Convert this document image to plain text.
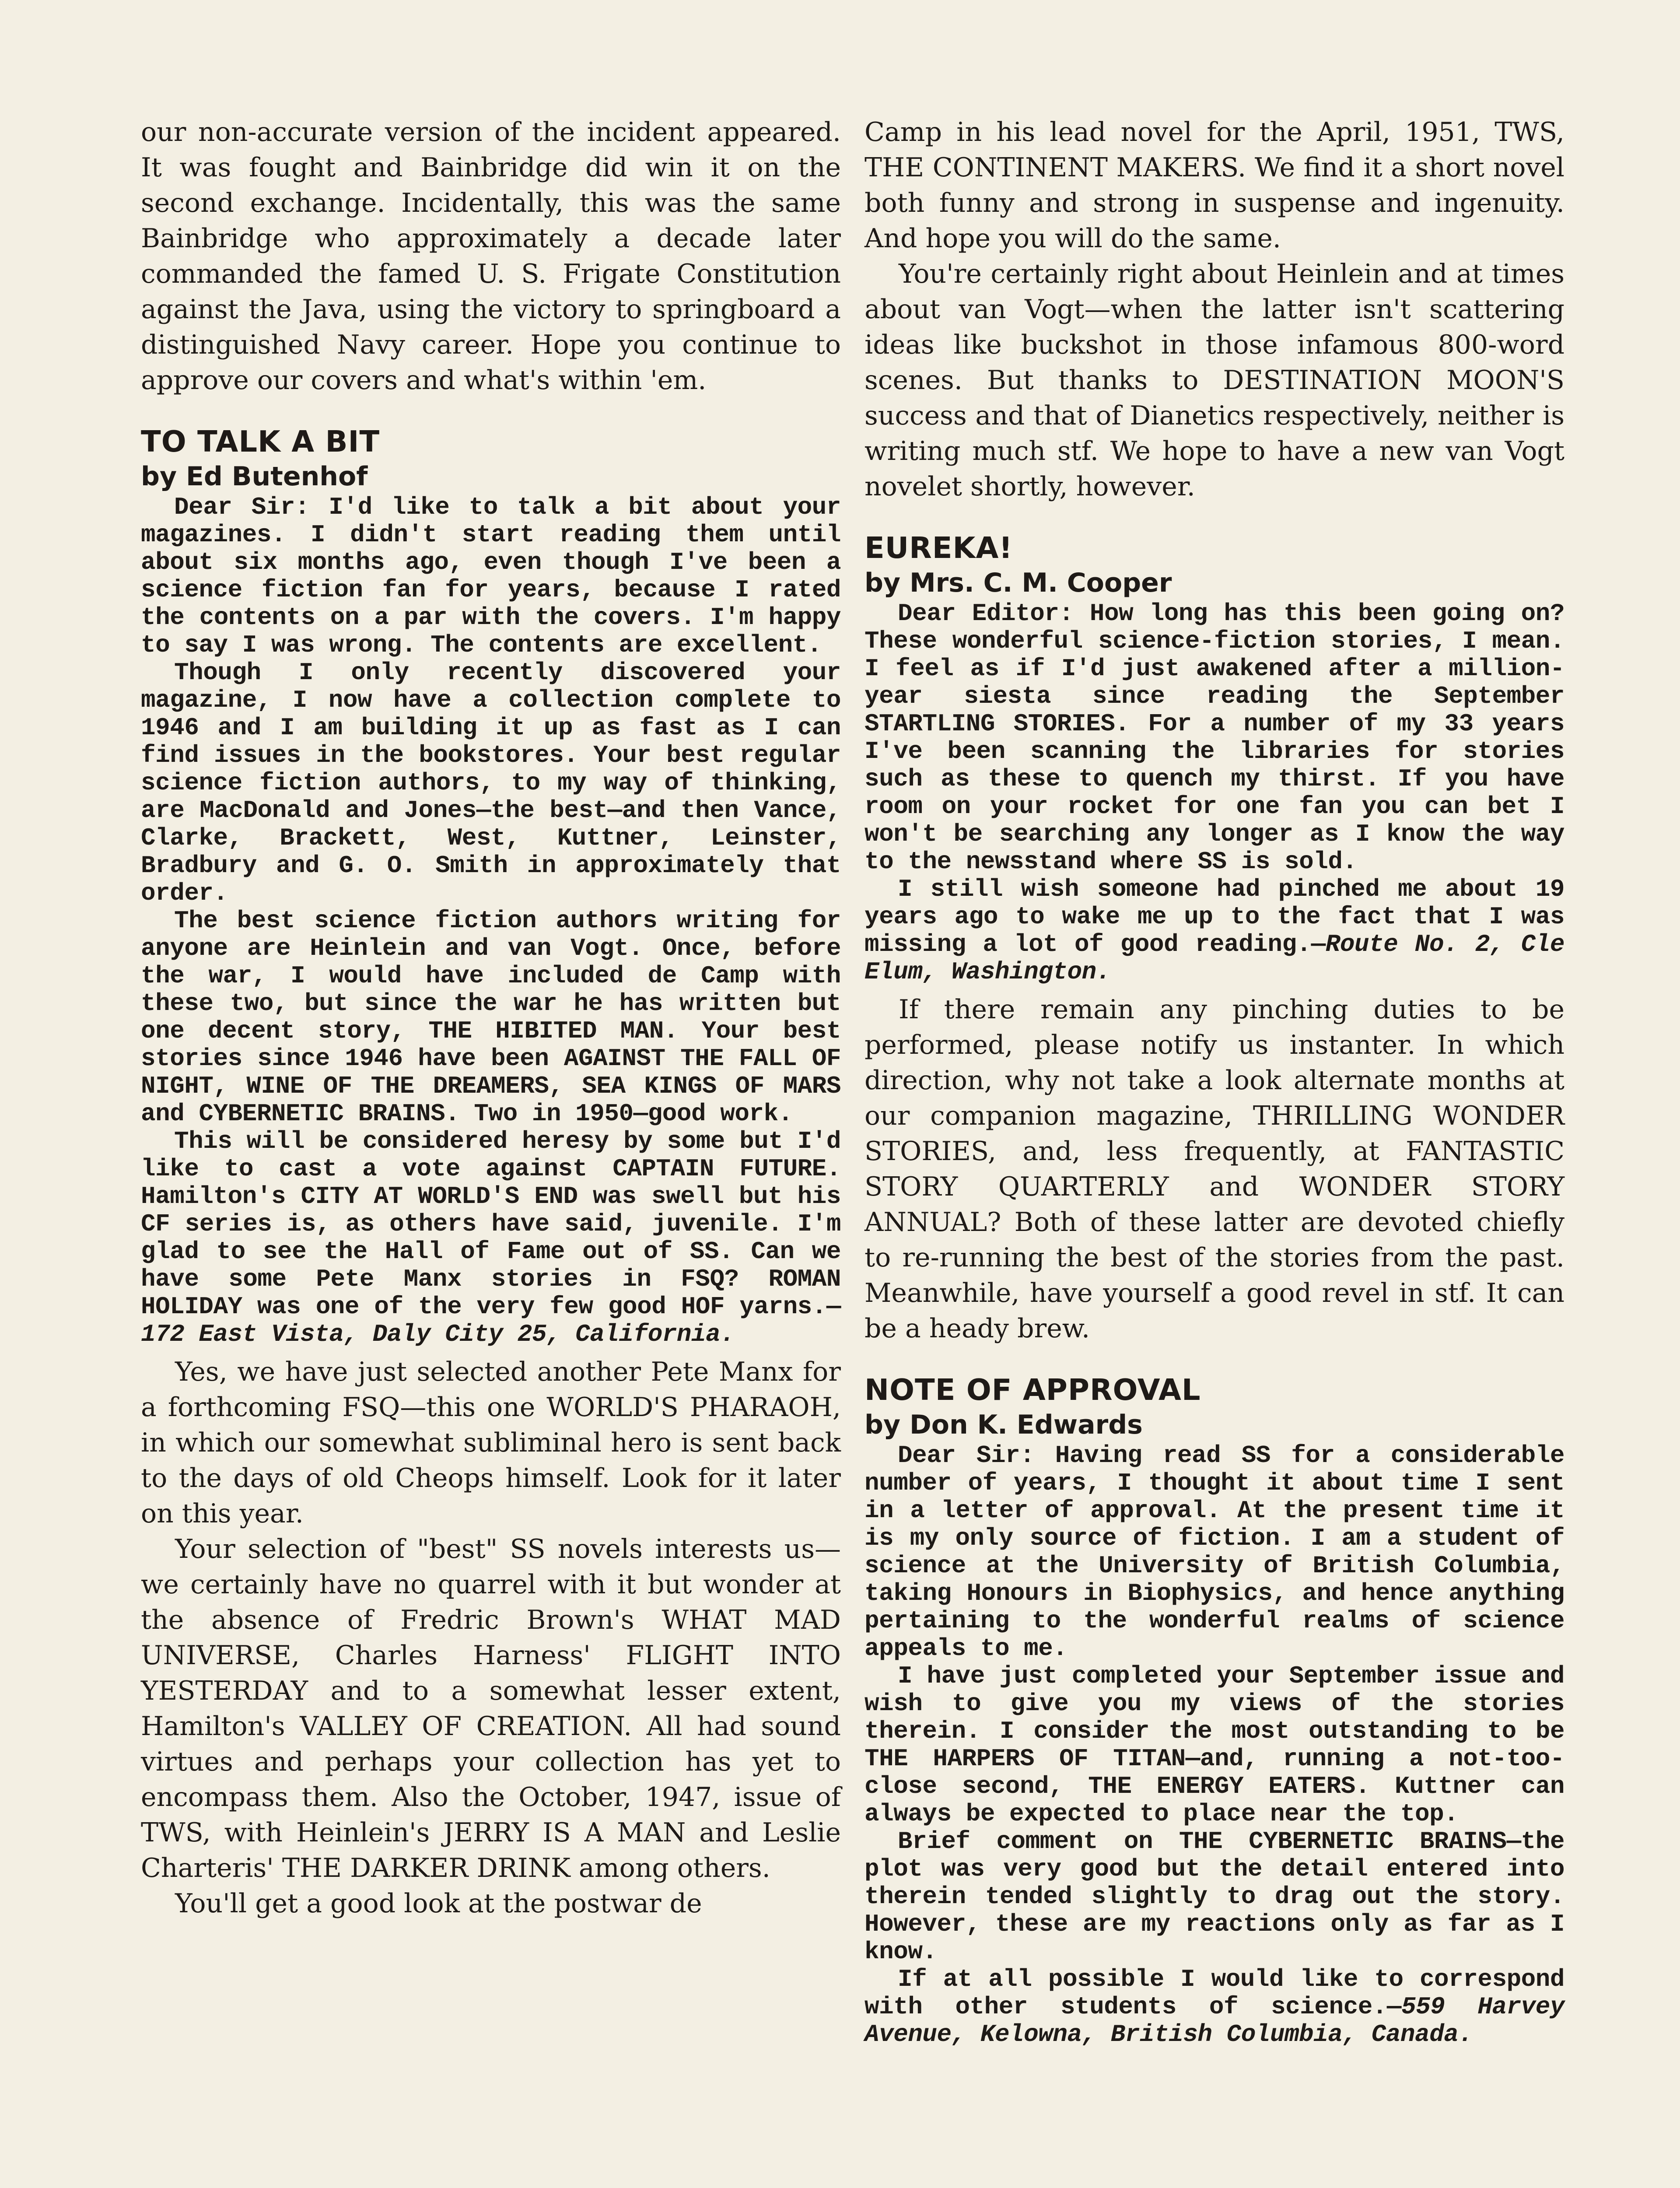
our non-accurate version of the incident appeared. It was fought and Bainbridge did win it on the second exchange. Incidentally, this was the same Bainbridge who approximately a decade later commanded the famed U. S. Frigate Constitution against the Java, using the victory to springboard a distinguished Navy career. Hope you continue to approve our covers and what's within 'em.

TO TALK A BIT
by Ed Butenhof

Dear Sir: I'd like to talk a bit about your magazines. I didn't start reading them until about six months ago, even though I've been a science fiction fan for years, because I rated the contents on a par with the covers. I'm happy to say I was wrong. The contents are excellent.

Though I only recently discovered your magazine, I now have a collection complete to 1946 and I am building it up as fast as I can find issues in the bookstores. Your best regular science fiction authors, to my way of thinking, are MacDonald and Jones—the best—and then Vance, Clarke, Brackett, West, Kuttner, Leinster, Bradbury and G. O. Smith in approximately that order.

The best science fiction authors writing for anyone are Heinlein and van Vogt. Once, before the war, I would have included de Camp with these two, but since the war he has written but one decent story, THE HIBITED MAN. Your best stories since 1946 have been AGAINST THE FALL OF NIGHT, WINE OF THE DREAMERS, SEA KINGS OF MARS and CYBERNETIC BRAINS. Two in 1950—good work.

This will be considered heresy by some but I'd like to cast a vote against CAPTAIN FUTURE. Hamilton's CITY AT WORLD'S END was swell but his CF series is, as others have said, juvenile. I'm glad to see the Hall of Fame out of SS. Can we have some Pete Manx stories in FSQ? ROMAN HOLIDAY was one of the very few good HOF yarns.—172 East Vista, Daly City 25, California.

Yes, we have just selected another Pete Manx for a forthcoming FSQ—this one WORLD'S PHARAOH, in which our somewhat subliminal hero is sent back to the days of old Cheops himself. Look for it later on this year.

Your selection of "best" SS novels interests us—we certainly have no quarrel with it but wonder at the absence of Fredric Brown's WHAT MAD UNIVERSE, Charles Harness' FLIGHT INTO YESTERDAY and to a somewhat lesser extent, Hamilton's VALLEY OF CREATION. All had sound virtues and perhaps your collection has yet to encompass them. Also the October, 1947, issue of TWS, with Heinlein's JERRY IS A MAN and Leslie Charteris' THE DARKER DRINK among others.

You'll get a good look at the postwar de

Camp in his lead novel for the April, 1951, TWS, THE CONTINENT MAKERS. We find it a short novel both funny and strong in suspense and ingenuity. And hope you will do the same.

You're certainly right about Heinlein and at times about van Vogt—when the latter isn't scattering ideas like buckshot in those infamous 800-word scenes. But thanks to DESTINATION MOON'S success and that of Dianetics respectively, neither is writing much stf. We hope to have a new van Vogt novelet shortly, however.

EUREKA!
by Mrs. C. M. Cooper

Dear Editor: How long has this been going on? These wonderful science-fiction stories, I mean. I feel as if I'd just awakened after a million-year siesta since reading the September STARTLING STORIES. For a number of my 33 years I've been scanning the libraries for stories such as these to quench my thirst. If you have room on your rocket for one fan you can bet I won't be searching any longer as I know the way to the newsstand where SS is sold.

I still wish someone had pinched me about 19 years ago to wake me up to the fact that I was missing a lot of good reading.—Route No. 2, Cle Elum, Washington.

If there remain any pinching duties to be performed, please notify us instanter. In which direction, why not take a look alternate months at our companion magazine, THRILLING WONDER STORIES, and, less frequently, at FANTASTIC STORY QUARTERLY and WONDER STORY ANNUAL? Both of these latter are devoted chiefly to re-running the best of the stories from the past. Meanwhile, have yourself a good revel in stf. It can be a heady brew.

NOTE OF APPROVAL
by Don K. Edwards

Dear Sir: Having read SS for a considerable number of years, I thought it about time I sent in a letter of approval. At the present time it is my only source of fiction. I am a student of science at the University of British Columbia, taking Honours in Biophysics, and hence anything pertaining to the wonderful realms of science appeals to me.

I have just completed your September issue and wish to give you my views of the stories therein. I consider the most outstanding to be THE HARPERS OF TITAN—and, running a not-too-close second, THE ENERGY EATERS. Kuttner can always be expected to place near the top.

Brief comment on THE CYBERNETIC BRAINS—the plot was very good but the detail entered into therein tended slightly to drag out the story. However, these are my reactions only as far as I know.

If at all possible I would like to correspond with other students of science.—559 Harvey Avenue, Kelowna, British Columbia, Canada.
